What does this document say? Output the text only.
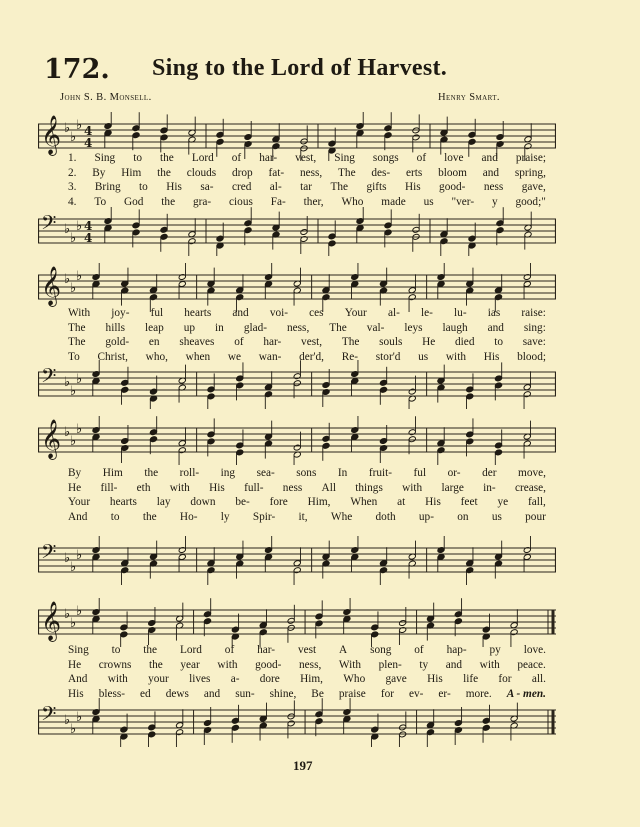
172. Sing to the Lord of Harvest.
John S. B. Monsell.	Henry Smart.
𝄞 ♭
♭
♭ 4
4
1. Sing to the Lord of har- vest, Sing songs of love and praise;
2. By Him the clouds drop fat- ness, The des- erts bloom and spring,
3. Bring to His sa- cred al- tar The gifts His good- ness gave,
4. To God the gra- cious Fa- ther, Who made us "ver- y good;"
𝄢 ♭
♭
♭ 4
4
𝄞 ♭
♭
♭
With joy- ful hearts and voi- ces Your al- le- lu- ias raise:
The hills leap up in glad- ness, The val- leys laugh and sing:
The gold- en sheaves of har- vest, The souls He died to save:
To Christ, who, when we wan- der'd, Re- stor'd us with His blood;
𝄢 ♭
♭
♭
𝄞 ♭
♭
♭
By Him the roll- ing sea- sons In fruit- ful or- der move,
He fill- eth with His full- ness All things with large in- crease,
Your hearts lay down be- fore Him, When at His feet ye fall,
And to the Ho- ly Spir- it, Whe doth up- on us pour
𝄢 ♭
♭
♭
𝄞 ♭
♭
♭
Sing to the Lord of har- vest A song of hap- py love.
He crowns the year with good- ness, With plen- ty and with peace.
And with your lives a- dore Him, Who gave His life for all.
His bless- ed dews and sun- shine, Be praise for ev- er- more. A - men.
𝄢 ♭
♭
♭
197
